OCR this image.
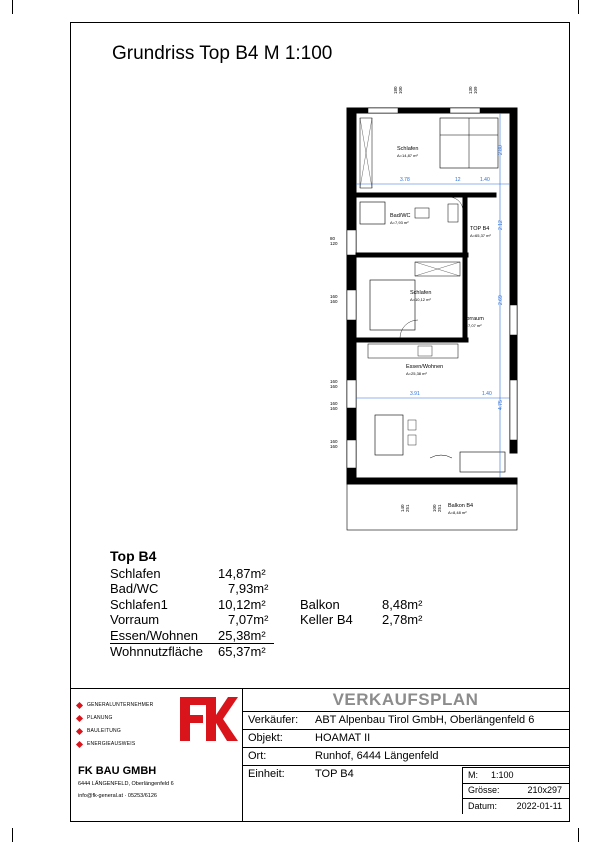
Grundriss Top B4 M 1:100
3.78	12	1.40
3.91	1.40
2.80
2.12
2.69
4.75
180 100	130 109
80
120
160
160
160
160
160
160
160
160
140 251	100 251
Schlafen
A=14,87 m²
Bad/WC
A=7,93 m²
TOP B4
A=65,37 m²
Schlafen
A=10,12 m²
Vorraum
A=7,07 m²
Essen/Wohnen
A=25,38 m²
Balkon B4
A=8,48 m²
Top B4
Schlafen	14,87m²
Bad/WC	7,93m²
Schlafen1	10,12m²	Balkon	8,48m²
Vorraum	7,07m² Keller B4 2,78m²
Essen/Wohnen 25,38m²
Wohnnutzfläche 65,37m²
GENERALUNTERNEHMER
PLANUNG
BAULEITUNG
ENERGIEAUSWEIS
FK BAU GMBH
6444 LÄNGENFELD, Oberlängenfeld 6
info@fk-general.at · 05253/6126
VERKAUFSPLAN
Verkäufer: ABT Alpenbau Tirol GmbH, Oberlängenfeld 6
Objekt:	HOAMAT II
Ort:	Runhof, 6444 Längenfeld
Einheit:	TOP B4	M: 1:100
Grösse:	210x297
Datum: 2022-01-11
